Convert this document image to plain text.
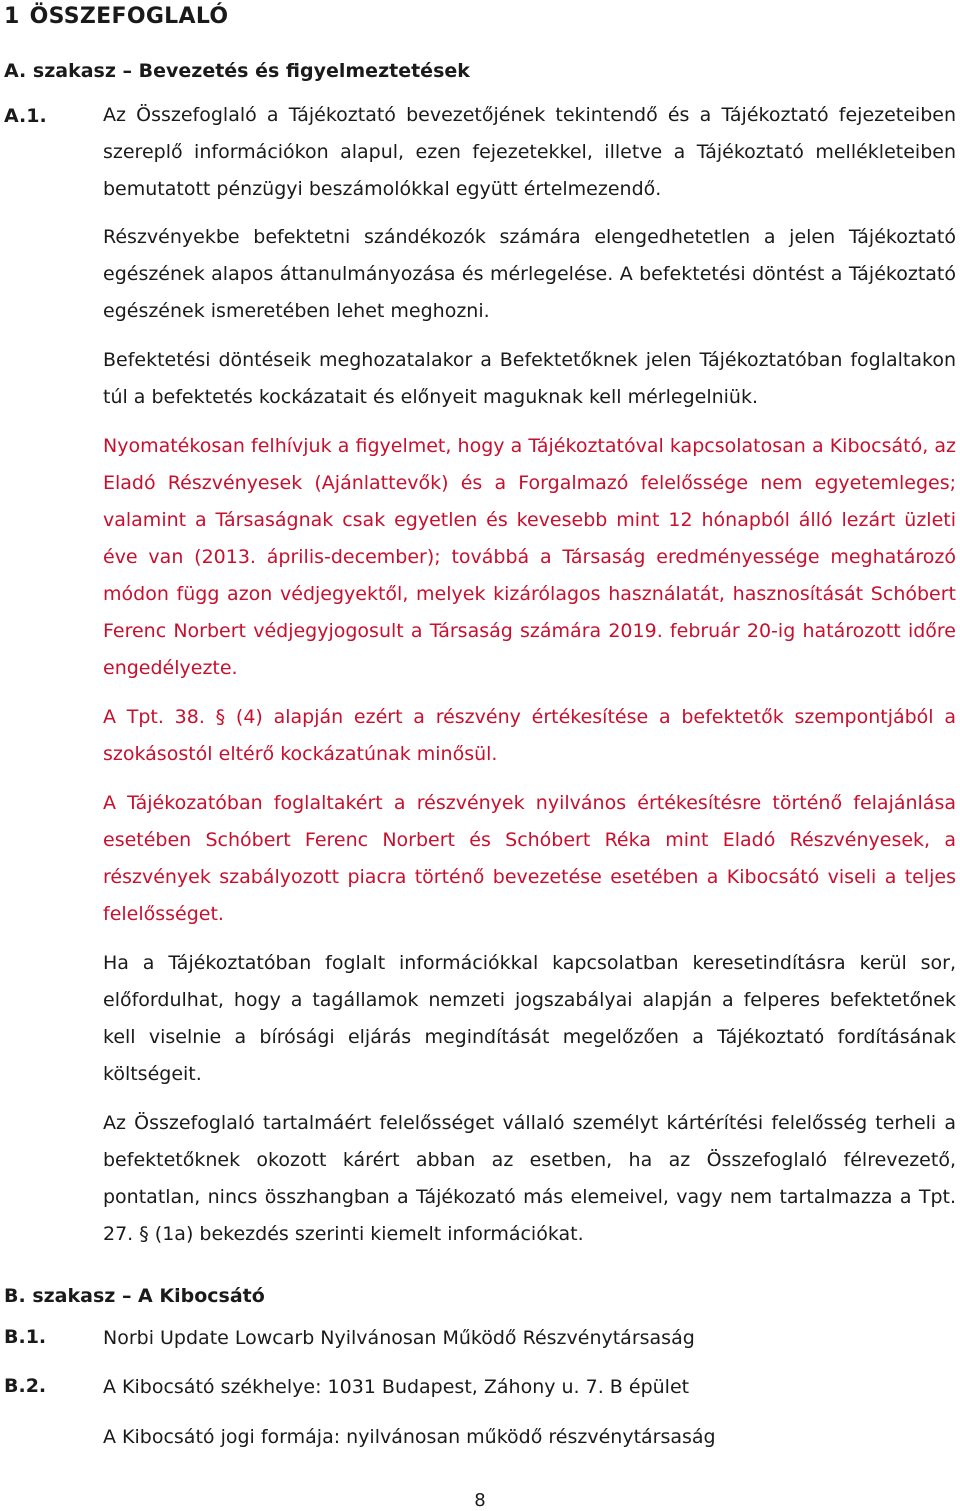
1 ÖSSZEFOGLALÓ
A. szakasz – Bevezetés és figyelmeztetések
A.1.	Az Összefoglaló a Tájékoztató bevezetőjének tekintendő és a Tájékoztató fejezeteiben szereplő információkon alapul, ezen fejezetekkel, illetve a Tájékoztató mellékleteiben bemutatott pénzügyi beszámolókkal együtt értelmezendő.

Részvényekbe befektetni szándékozók számára elengedhetetlen a jelen Tájékoztató egészének alapos áttanulmányozása és mérlegelése. A befektetési döntést a Tájékoztató egészének ismeretében lehet meghozni.

Befektetési döntéseik meghozatalakor a Befektetőknek jelen Tájékoztatóban foglaltakon túl a befektetés kockázatait és előnyeit maguknak kell mérlegelniük.

Nyomatékosan felhívjuk a figyelmet, hogy a Tájékoztatóval kapcsolatosan a Kibocsátó, az Eladó Részvényesek (Ajánlattevők) és a Forgalmazó felelőssége nem egyetemleges; valamint a Társaságnak csak egyetlen és kevesebb mint 12 hónapból álló lezárt üzleti éve van (2013. április-december); továbbá a Társaság eredményessége meghatározó módon függ azon védjegyektől, melyek kizárólagos használatát, hasznosítását Schóbert Ferenc Norbert védjegyjogosult a Társaság számára 2019. február 20-ig határozott időre engedélyezte.

A Tpt. 38. § (4) alapján ezért a részvény értékesítése a befektetők szempontjából a szokásostól eltérő kockázatúnak minősül.

A Tájékozatóban foglaltakért a részvények nyilvános értékesítésre történő felajánlása esetében Schóbert Ferenc Norbert és Schóbert Réka mint Eladó Részvényesek, a részvények szabályozott piacra történő bevezetése esetében a Kibocsátó viseli a teljes felelősséget.

Ha a Tájékoztatóban foglalt információkkal kapcsolatban keresetindításra kerül sor, előfordulhat, hogy a tagállamok nemzeti jogszabályai alapján a felperes befektetőnek kell viselnie a bírósági eljárás megindítását megelőzően a Tájékoztató fordításának költségeit.

Az Összefoglaló tartalmáért felelősséget vállaló személyt kártérítési felelősség terheli a befektetőknek okozott kárért abban az esetben, ha az Összefoglaló félrevezető, pontatlan, nincs összhangban a Tájékozató más elemeivel, vagy nem tartalmazza a Tpt. 27. § (1a) bekezdés szerinti kiemelt információkat.

B. szakasz – A Kibocsátó
B.1.	Norbi Update Lowcarb Nyilvánosan Működő Részvénytársaság
B.2.	A Kibocsátó székhelye: 1031 Budapest, Záhony u. 7. B épület
A Kibocsátó jogi formája: nyilvánosan működő részvénytársaság
8
